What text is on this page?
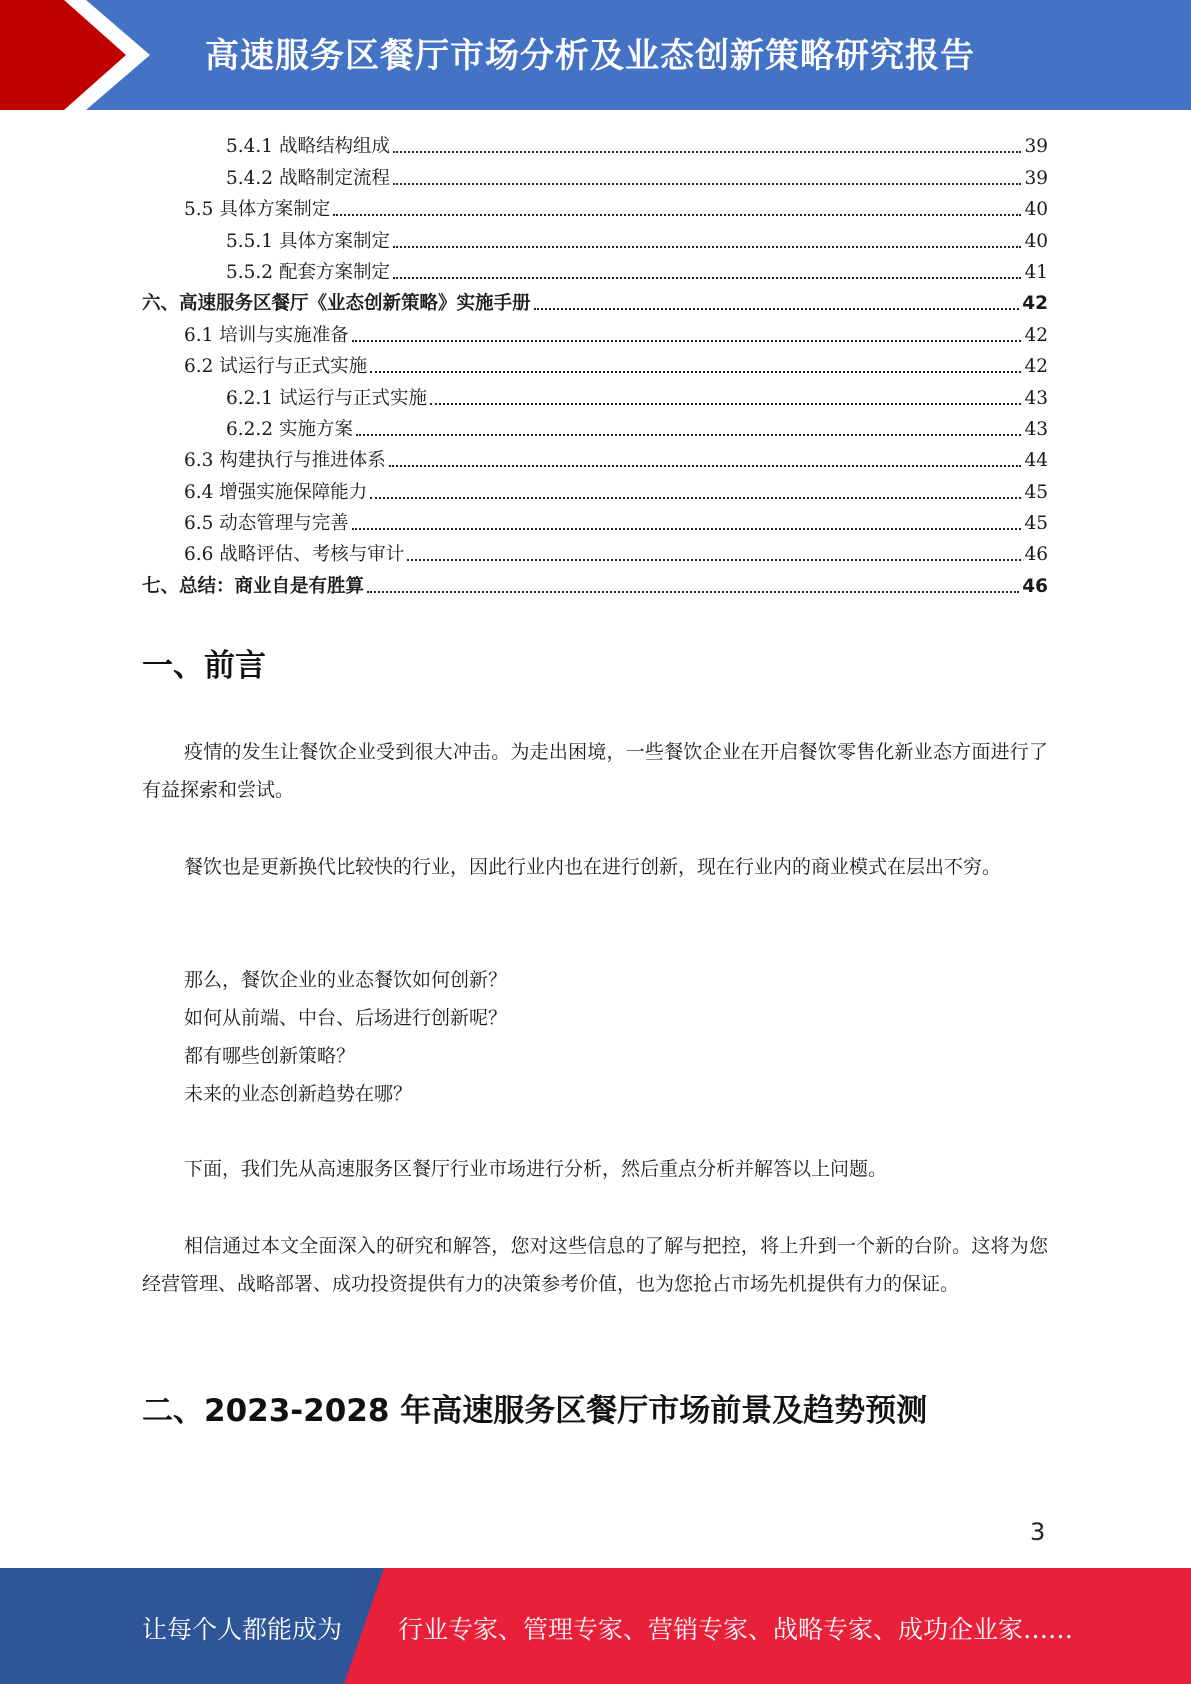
高速服务区餐厅市场分析及业态创新策略研究报告
5.4.1 战略结构组成	39
5.4.2 战略制定流程	39
5.5 具体方案制定	40
5.5.1 具体方案制定	40
5.5.2 配套方案制定	41
六、高速服务区餐厅《业态创新策略》实施手册	42
6.1 培训与实施准备	42
6.2 试运行与正式实施	42
6.2.1 试运行与正式实施	43
6.2.2 实施方案	43
6.3 构建执行与推进体系	44
6.4 增强实施保障能力	45
6.5 动态管理与完善	45
6.6 战略评估、考核与审计	46
七、总结：商业自是有胜算	46
一、前言
疫情的发生让餐饮企业受到很大冲击。为走出困境，一些餐饮企业在开启餐饮零售化新业态方面进行了有益探索和尝试。
餐饮也是更新换代比较快的行业，因此行业内也在进行创新，现在行业内的商业模式在层出不穷。
那么，餐饮企业的业态餐饮如何创新？
如何从前端、中台、后场进行创新呢？
都有哪些创新策略？
未来的业态创新趋势在哪？
下面，我们先从高速服务区餐厅行业市场进行分析，然后重点分析并解答以上问题。
相信通过本文全面深入的研究和解答，您对这些信息的了解与把控，将上升到一个新的台阶。这将为您经营管理、战略部署、成功投资提供有力的决策参考价值，也为您抢占市场先机提供有力的保证。
二、2023-2028 年高速服务区餐厅市场前景及趋势预测
3
让每个人都能成为 行业专家、管理专家、营销专家、战略专家、成功企业家……
